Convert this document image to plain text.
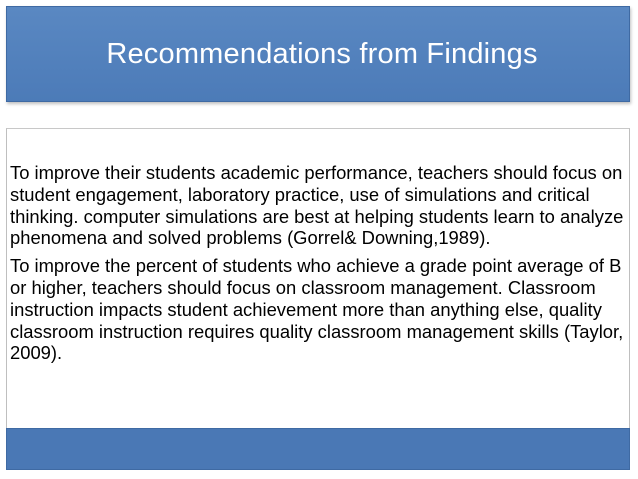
Recommendations from Findings

To improve their students academic performance, teachers should focus on student engagement, laboratory practice, use of simulations and critical thinking. computer simulations are best at helping students learn to analyze phenomena and solved problems (Gorrel& Downing,1989).

To improve the percent of students who achieve a grade point average of B or higher, teachers should focus on classroom management. Classroom instruction impacts student achievement more than anything else, quality classroom instruction requires quality classroom management skills (Taylor, 2009).
